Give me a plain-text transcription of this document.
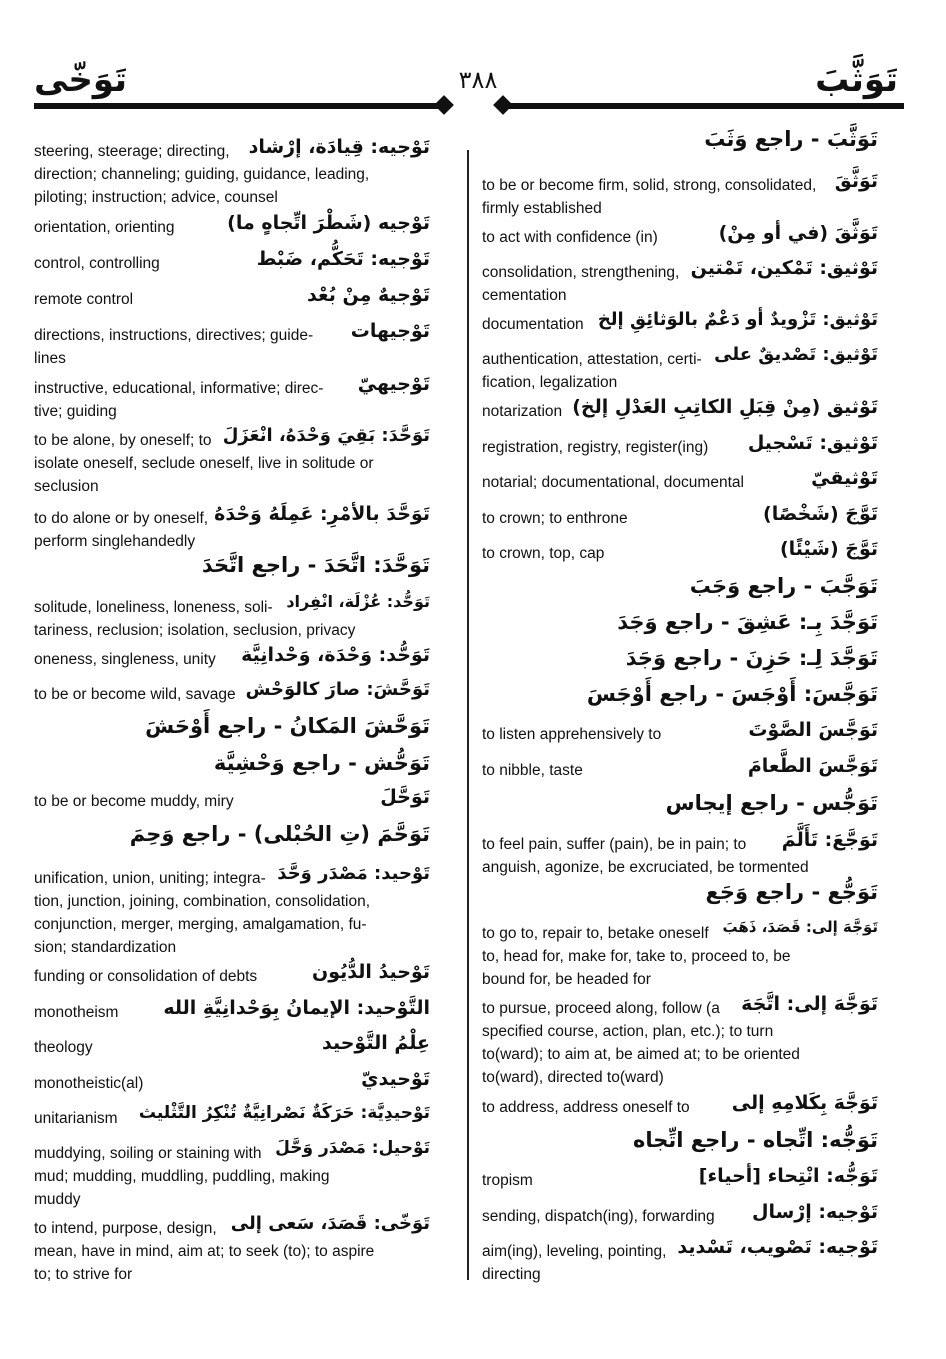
تَوَخّى	٣٨٨	تَوَثَّبَ
تَوَثَّبَ - راجع وَثَبَ
تَوَثَّقَ
to be or become firm, solid, strong, consolidated,
firmly established
تَوَثَّقَ (في أو مِنْ)
to act with confidence (in)
تَوْثيق: تَمْكين، تَمْتين
consolidation, strengthening,
cementation
تَوْثيق: تَزْويدٌ أو دَعْمٌ بالوَثائِقِ إلخ
documentation
تَوْثيق: تَصْديقٌ على
authentication, attestation, certi-
fication, legalization
تَوْثيق (مِنْ قِبَلِ الكاتِبِ العَدْلِ إلخ)
notarization
تَوْثيق: تَسْجيل
registration, registry, register(ing)
تَوْثيقيّ
notarial; documentational, documental
تَوَّجَ (شَخْصًا)
to crown; to enthrone
تَوَّجَ (شَيْئًا)
to crown, top, cap
تَوَجَّبَ - راجع وَجَبَ
تَوَجَّدَ بِـ: عَشِقَ - راجع وَجَدَ
تَوَجَّدَ لِـ: حَزِنَ - راجع وَجَدَ
تَوَجَّسَ: أَوْجَسَ - راجع أَوْجَسَ
تَوَجَّسَ الصَّوْتَ
to listen apprehensively to
تَوَجَّسَ الطَّعامَ
to nibble, taste
تَوَجُّس - راجع إيجاس
تَوَجَّعَ: تَأَلَّمَ
to feel pain, suffer (pain), be in pain; to
anguish, agonize, be excruciated, be tormented
تَوَجُّع - راجع وَجَع
تَوَجَّهَ إلى: قَصَدَ، ذَهَبَ
to go to, repair to, betake oneself
to, head for, make for, take to, proceed to, be
bound for, be headed for
تَوَجَّهَ إلى: اتَّجَهَ
to pursue, proceed along, follow (a
specified course, action, plan, etc.); to turn
to(ward); to aim at, be aimed at; to be oriented
to(ward), directed to(ward)
تَوَجَّهَ بِكَلامِهِ إلى
to address, address oneself to
تَوَجُّه: اتِّجاه - راجع اتِّجاه
تَوَجُّه: انْتِحاء [أحياء]
tropism
تَوْجيه: إرْسال
sending, dispatch(ing), forwarding
تَوْجيه: تَصْويب، تَسْديد
aim(ing), leveling, pointing,
directing
تَوْجيه: قِيادَة، إرْشاد
steering, steerage; directing,
direction; channeling; guiding, guidance, leading,
piloting; instruction; advice, counsel
تَوْجيه (شَطْرَ اتِّجاهٍ ما)
orientation, orienting
تَوْجيه: تَحَكُّم، ضَبْط
control, controlling
تَوْجيهٌ مِنْ بُعْد
remote control
تَوْجيهات
directions, instructions, directives; guide-
lines
تَوْجيهيّ
instructive, educational, informative; direc-
tive; guiding
تَوَحَّدَ: بَقِيَ وَحْدَهُ، انْعَزَلَ
to be alone, by oneself; to
isolate oneself, seclude oneself, live in solitude or
seclusion
تَوَحَّدَ بالأمْرِ: عَمِلَهُ وَحْدَهُ
to do alone or by oneself,
perform singlehandedly
تَوَحَّدَ: اتَّحَدَ - راجع اتَّحَدَ
تَوَحُّد: عُزْلَة، انْفِراد
solitude, loneliness, loneness, soli-
tariness, reclusion; isolation, seclusion, privacy
تَوَحُّد: وَحْدَة، وَحْدانِيَّة
oneness, singleness, unity
تَوَحَّشَ: صارَ كالوَحْش
to be or become wild, savage
تَوَحَّشَ المَكانُ - راجع أَوْحَشَ
تَوَحُّش - راجع وَحْشِيَّة
تَوَحَّلَ
to be or become muddy, miry
تَوَحَّمَ (تِ الحُبْلى) - راجع وَحِمَ
تَوْحيد: مَصْدَر وَحَّدَ
unification, union, uniting; integra-
tion, junction, joining, combination, consolidation,
conjunction, merger, merging, amalgamation, fu-
sion; standardization
تَوْحيدُ الدُّيُون
funding or consolidation of debts
التَّوْحيد: الإيمانُ بِوَحْدانِيَّةِ الله
monotheism
عِلْمُ التَّوْحيد
theology
تَوْحيديّ
monotheistic(al)
تَوْحيدِيَّة: حَرَكَةٌ نَصْرانِيَّةٌ تُنْكِرُ التَّثْليث
unitarianism
تَوْحيل: مَصْدَر وَحَّلَ
muddying, soiling or staining with
mud; mudding, muddling, puddling, making
muddy
تَوَخّى: قَصَدَ، سَعى إلى
to intend, purpose, design,
mean, have in mind, aim at; to seek (to); to aspire
to; to strive for
